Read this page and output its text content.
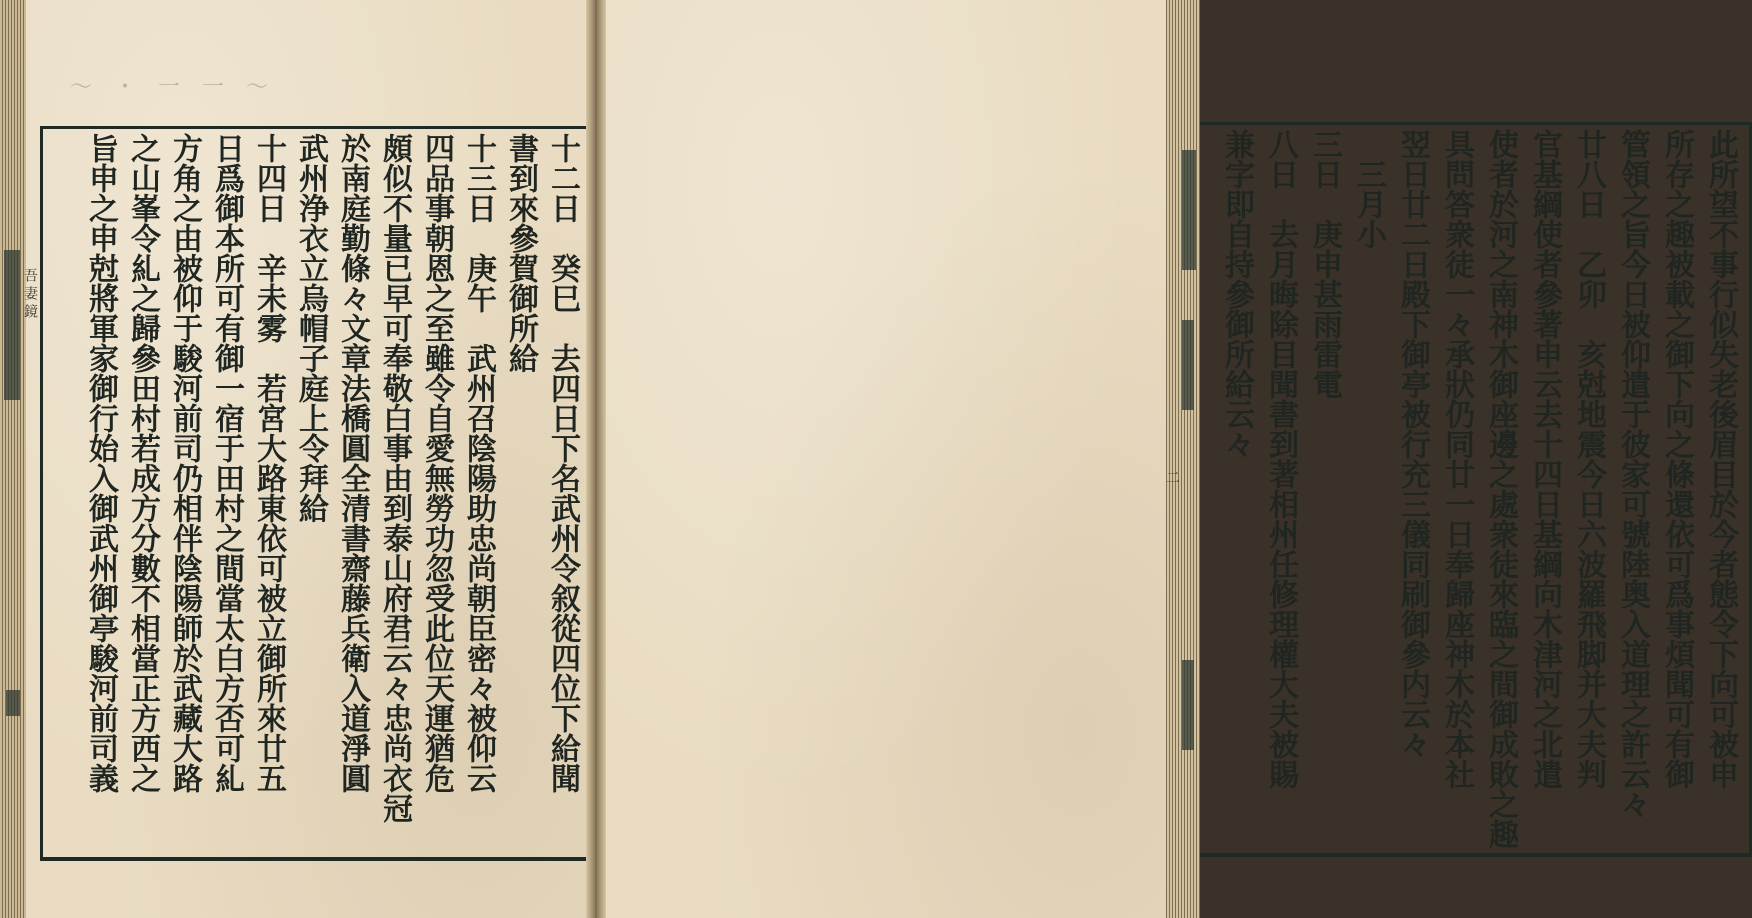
〜　・　一　一　〜
十二日　癸巳　去四日下名武州令叙從四位下給聞
書到來參賀御所給
十三日　庚午　武州召陰陽助忠尚朝臣密々被仰云
四品事朝恩之至雖令自愛無勞功忽受此位天運猶危
頗似不量已早可奉敬白事由到泰山府君云々忠尚衣冠
於南庭勤條々文章法橋圓全清書齋藤兵衛入道淨圓
武州浄衣立烏帽子庭上令拜給
十四日　辛未雾　若宮大路東依可被立御所來廿五
日爲御本所可有御一宿于田村之間當太白方否可糺
方角之由被仰于駿河前司仍相伴陰陽師於武藏大路
之山峯令糺之歸參田村若成方分數不相當正方西之
旨申之申尅將軍家御行始入御武州御亭駿河前司義	此所望不事行似失老後眉目於今者態令下向可被申
所存之趣被載之御下向之條還依可爲事煩聞可有御
管領之旨今日被仰遣于彼家可號陸奥入道理之許云々
廿八日　乙卯　亥尅地震今日六波羅飛脚并大夫判
官基綱使者參著申云去十四日基綱向木津河之北遣
使者於河之南神木御座邊之處衆徒來臨之間御成敗之趣
具問答衆徒一々承狀仍同廿一日奉歸座神木於本社
翌日廿二日殿下御亭被行充三儀同刷御參内云々
　三月小
三日　庚申甚雨雷電
八日　去月晦除目聞書到著相州任修理權大夫被賜
兼字即自持參御所給云々
吾妻鏡
二
